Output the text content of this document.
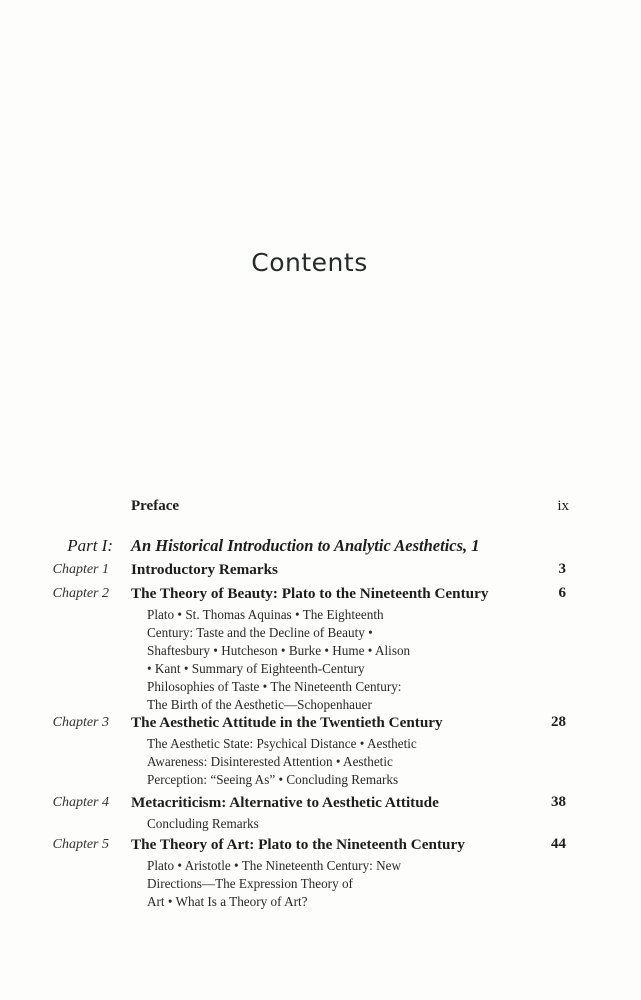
Contents
Preface	ix
Part I: An Historical Introduction to Analytic Aesthetics, 1
Chapter 1 Introductory Remarks	3
Chapter 2 The Theory of Beauty: Plato to the Nineteenth Century	6
Plato • St. Thomas Aquinas • The Eighteenth
Century: Taste and the Decline of Beauty •
Shaftesbury • Hutcheson • Burke • Hume • Alison
• Kant • Summary of Eighteenth-Century
Philosophies of Taste • The Nineteenth Century:
The Birth of the Aesthetic—Schopenhauer
Chapter 3 The Aesthetic Attitude in the Twentieth Century	28
The Aesthetic State: Psychical Distance • Aesthetic
Awareness: Disinterested Attention • Aesthetic
Perception: “Seeing As” • Concluding Remarks
Chapter 4 Metacriticism: Alternative to Aesthetic Attitude	38
Concluding Remarks
Chapter 5 The Theory of Art: Plato to the Nineteenth Century	44
Plato • Aristotle • The Nineteenth Century: New
Directions—The Expression Theory of
Art • What Is a Theory of Art?
